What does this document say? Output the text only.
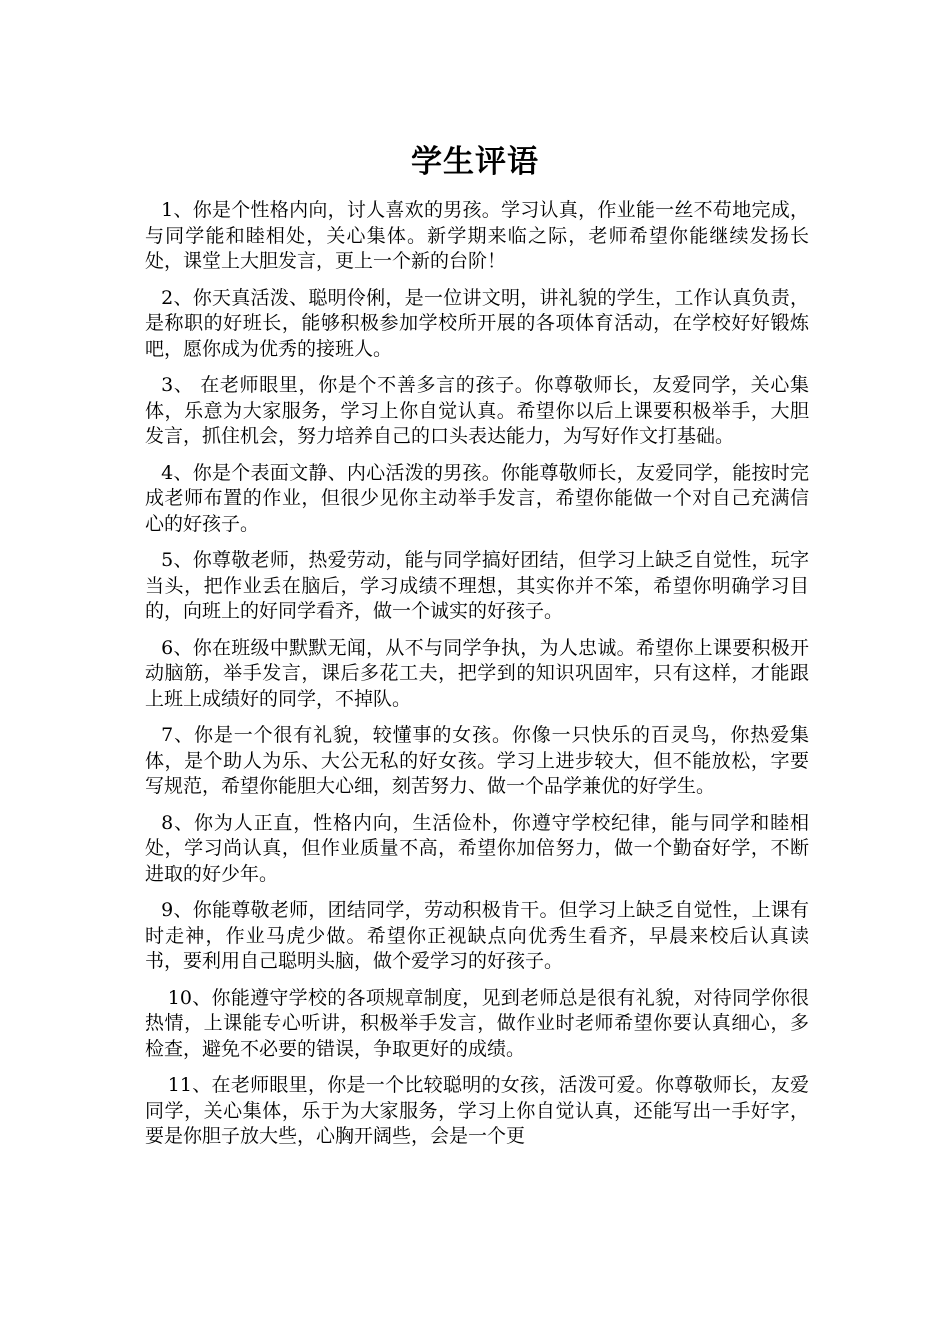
学生评语

1、你是个性格内向，讨人喜欢的男孩。学习认真，作业能一丝不苟地完成，与同学能和睦相处，关心集体。新学期来临之际，老师希望你能继续发扬长处，课堂上大胆发言，更上一个新的台阶！

2、你天真活泼、聪明伶俐，是一位讲文明，讲礼貌的学生，工作认真负责，是称职的好班长，能够积极参加学校所开展的各项体育活动，在学校好好锻炼吧，愿你成为优秀的接班人。

3、 在老师眼里，你是个不善多言的孩子。你尊敬师长，友爱同学，关心集体，乐意为大家服务，学习上你自觉认真。希望你以后上课要积极举手，大胆发言，抓住机会，努力培养自己的口头表达能力，为写好作文打基础。

4、你是个表面文静、内心活泼的男孩。你能尊敬师长，友爱同学，能按时完成老师布置的作业，但很少见你主动举手发言，希望你能做一个对自己充满信心的好孩子。

5、你尊敬老师，热爱劳动，能与同学搞好团结，但学习上缺乏自觉性，玩字当头，把作业丢在脑后，学习成绩不理想，其实你并不笨，希望你明确学习目的，向班上的好同学看齐，做一个诚实的好孩子。

6、你在班级中默默无闻，从不与同学争执，为人忠诚。希望你上课要积极开动脑筋，举手发言，课后多花工夫，把学到的知识巩固牢，只有这样，才能跟上班上成绩好的同学，不掉队。

7、你是一个很有礼貌，较懂事的女孩。你像一只快乐的百灵鸟，你热爱集体，是个助人为乐、大公无私的好女孩。学习上进步较大，但不能放松，字要写规范，希望你能胆大心细，刻苦努力、做一个品学兼优的好学生。

8、你为人正直，性格内向，生活俭朴，你遵守学校纪律，能与同学和睦相处，学习尚认真，但作业质量不高，希望你加倍努力，做一个勤奋好学，不断进取的好少年。

9、你能尊敬老师，团结同学，劳动积极肯干。但学习上缺乏自觉性，上课有时走神，作业马虎少做。希望你正视缺点向优秀生看齐，早晨来校后认真读书，要利用自己聪明头脑，做个爱学习的好孩子。

10、你能遵守学校的各项规章制度，见到老师总是很有礼貌，对待同学你很热情，上课能专心听讲，积极举手发言，做作业时老师希望你要认真细心，多检查，避免不必要的错误，争取更好的成绩。

11、在老师眼里，你是一个比较聪明的女孩，活泼可爱。你尊敬师长，友爱同学，关心集体，乐于为大家服务，学习上你自觉认真，还能写出一手好字，要是你胆子放大些，心胸开阔些，会是一个更
